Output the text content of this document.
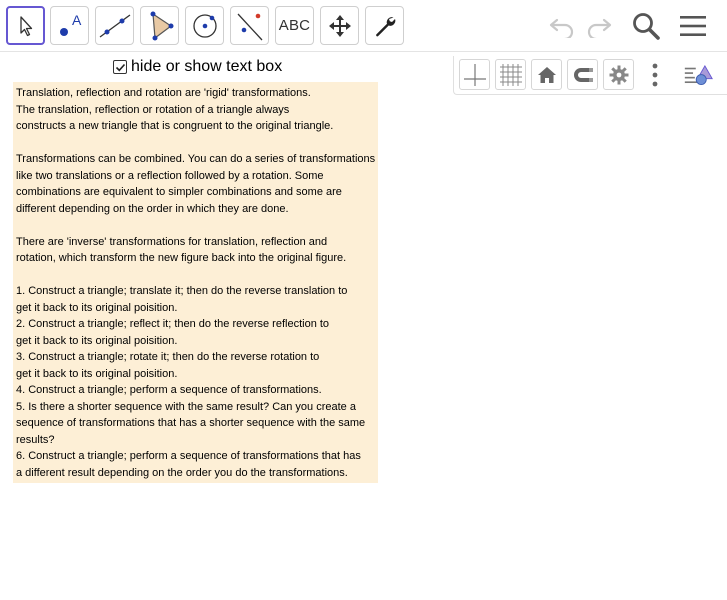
A	ABC
hide or show text box
Translation, reflection and rotation are 'rigid' transformations.
The translation, reflection or rotation of a triangle always
constructs a new triangle that is congruent to the original triangle.
Transformations can be combined. You can do a series of transformations
like two translations or a reflection followed by a rotation. Some
combinations are equivalent to simpler combinations and some are
different depending on the order in which they are done.
There are 'inverse' transformations for translation, reflection and
rotation, which transform the new figure back into the original figure.
1. Construct a triangle; translate it; then do the reverse translation to
get it back to its original poisition.
2. Construct a triangle; reflect it; then do the reverse reflection to
get it back to its original poisition.
3. Construct a triangle; rotate it; then do the reverse rotation to
get it back to its original poisition.
4. Construct a triangle; perform a sequence of transformations.
5. Is there a shorter sequence with the same result? Can you create a
sequence of transformations that has a shorter sequence with the same
results?
6. Construct a triangle; perform a sequence of transformations that has
a different result depending on the order you do the transformations.
